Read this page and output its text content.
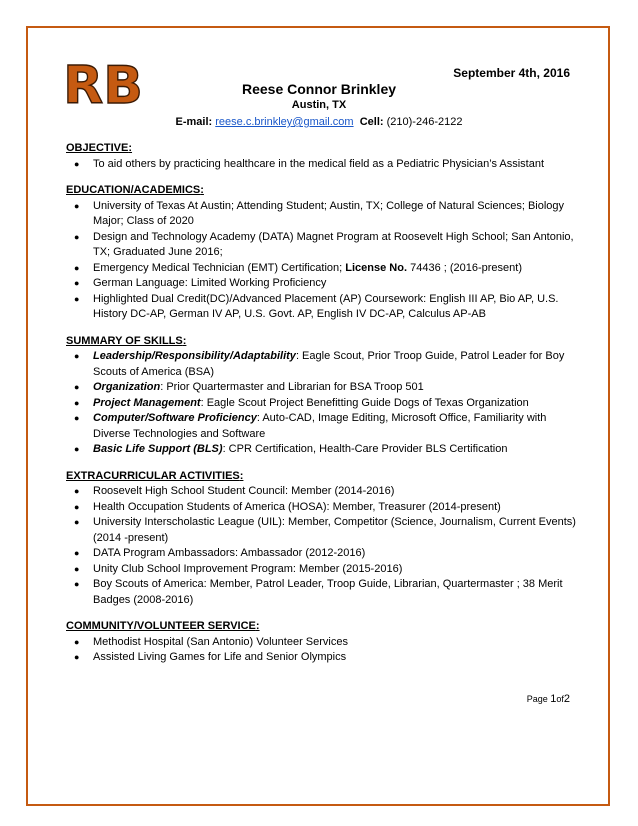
RB	September 4th, 2016
Reese Connor Brinkley
Austin, TX
E-mail: reese.c.brinkley@gmail.com Cell: (210)-246-2122
OBJECTIVE:
● To aid others by practicing healthcare in the medical field as a Pediatric Physician’s Assistant
EDUCATION/ACADEMICS:
● University of Texas At Austin; Attending Student; Austin, TX; College of Natural Sciences; Biology Major; Class of 2020
● Design and Technology Academy (DATA) Magnet Program at Roosevelt High School; San Antonio, TX; Graduated June 2016;
● Emergency Medical Technician (EMT) Certification; License No. 74436 ; (2016-present)
● German Language: Limited Working Proficiency
● Highlighted Dual Credit(DC)/Advanced Placement (AP) Coursework: English III AP, Bio AP, U.S. History DC-AP, German IV AP, U.S. Govt. AP, English IV DC-AP, Calculus AP-AB
SUMMARY OF SKILLS:
● Leadership/Responsibility/Adaptability: Eagle Scout, Prior Troop Guide, Patrol Leader for Boy Scouts of America (BSA)
● Organization: Prior Quartermaster and Librarian for BSA Troop 501
● Project Management: Eagle Scout Project Benefitting Guide Dogs of Texas Organization
● Computer/Software Proficiency: Auto-CAD, Image Editing, Microsoft Office, Familiarity with Diverse Technologies and Software
● Basic Life Support (BLS): CPR Certification, Health-Care Provider BLS Certification
EXTRACURRICULAR ACTIVITIES:
● Roosevelt High School Student Council: Member (2014-2016)
● Health Occupation Students of America (HOSA): Member, Treasurer (2014-present)
● University Interscholastic League (UIL): Member, Competitor (Science, Journalism, Current Events) (2014 -present)
● DATA Program Ambassadors: Ambassador (2012-2016)
● Unity Club School Improvement Program: Member (2015-2016)
● Boy Scouts of America: Member, Patrol Leader, Troop Guide, Librarian, Quartermaster ; 38 Merit Badges (2008-2016)
COMMUNITY/VOLUNTEER SERVICE:
● Methodist Hospital (San Antonio) Volunteer Services
● Assisted Living Games for Life and Senior Olympics
Page 1of2
